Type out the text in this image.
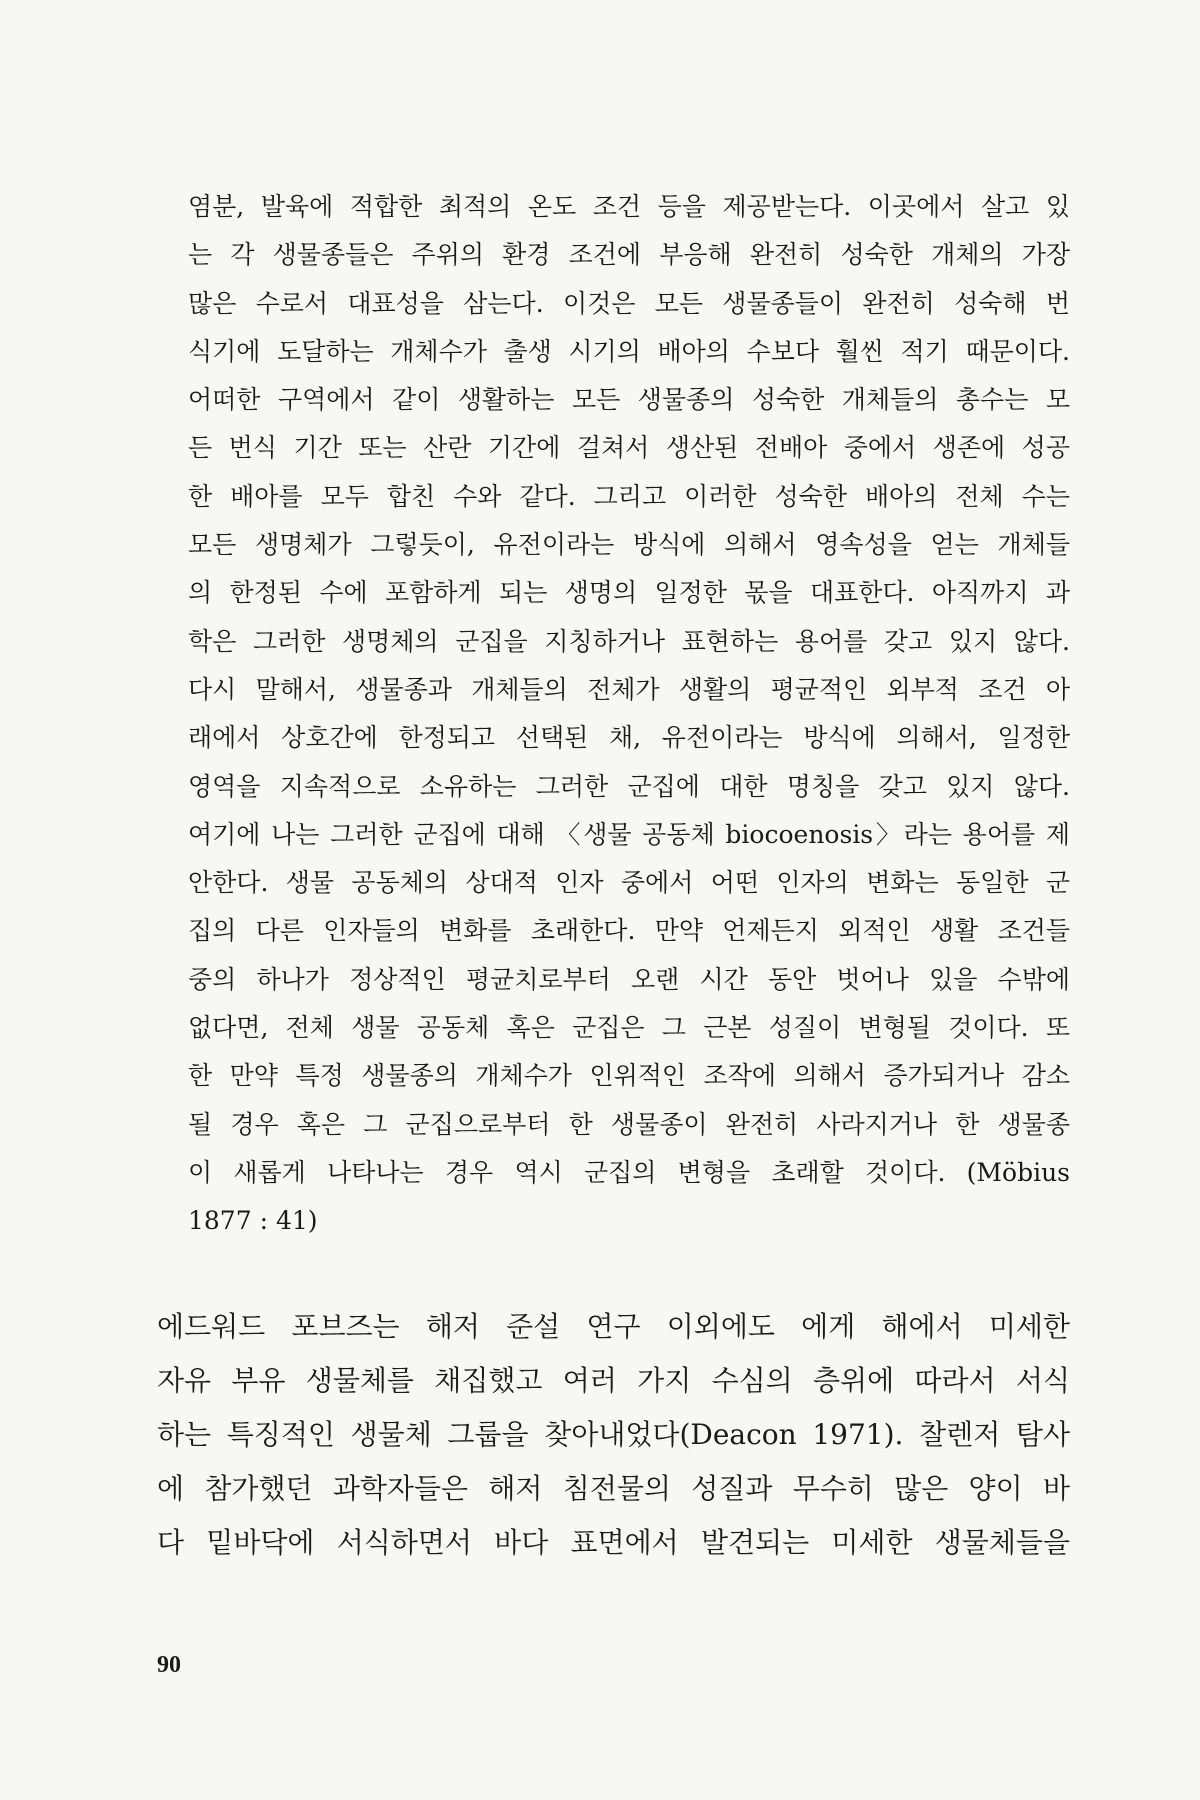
염분, 발육에 적합한 최적의 온도 조건 등을 제공받는다. 이곳에서 살고 있
는 각 생물종들은 주위의 환경 조건에 부응해 완전히 성숙한 개체의 가장
많은 수로서 대표성을 삼는다. 이것은 모든 생물종들이 완전히 성숙해 번
식기에 도달하는 개체수가 출생 시기의 배아의 수보다 훨씬 적기 때문이다.
어떠한 구역에서 같이 생활하는 모든 생물종의 성숙한 개체들의 총수는 모
든 번식 기간 또는 산란 기간에 걸쳐서 생산된 전배아 중에서 생존에 성공
한 배아를 모두 합친 수와 같다. 그리고 이러한 성숙한 배아의 전체 수는
모든 생명체가 그렇듯이, 유전이라는 방식에 의해서 영속성을 얻는 개체들
의 한정된 수에 포함하게 되는 생명의 일정한 몫을 대표한다. 아직까지 과
학은 그러한 생명체의 군집을 지칭하거나 표현하는 용어를 갖고 있지 않다.
다시 말해서, 생물종과 개체들의 전체가 생활의 평균적인 외부적 조건 아
래에서 상호간에 한정되고 선택된 채, 유전이라는 방식에 의해서, 일정한
영역을 지속적으로 소유하는 그러한 군집에 대한 명칭을 갖고 있지 않다.
여기에 나는 그러한 군집에 대해 〈생물 공동체 biocoenosis〉라는 용어를 제
안한다. 생물 공동체의 상대적 인자 중에서 어떤 인자의 변화는 동일한 군
집의 다른 인자들의 변화를 초래한다. 만약 언제든지 외적인 생활 조건들
중의 하나가 정상적인 평균치로부터 오랜 시간 동안 벗어나 있을 수밖에
없다면, 전체 생물 공동체 혹은 군집은 그 근본 성질이 변형될 것이다. 또
한 만약 특정 생물종의 개체수가 인위적인 조작에 의해서 증가되거나 감소
될 경우 혹은 그 군집으로부터 한 생물종이 완전히 사라지거나 한 생물종
이 새롭게 나타나는 경우 역시 군집의 변형을 초래할 것이다. (Möbius
1877 : 41)
에드워드 포브즈는 해저 준설 연구 이외에도 에게 해에서 미세한
자유 부유 생물체를 채집했고 여러 가지 수심의 층위에 따라서 서식
하는 특징적인 생물체 그룹을 찾아내었다(Deacon 1971). 찰렌저 탐사
에 참가했던 과학자들은 해저 침전물의 성질과 무수히 많은 양이 바
다 밑바닥에 서식하면서 바다 표면에서 발견되는 미세한 생물체들을
90
